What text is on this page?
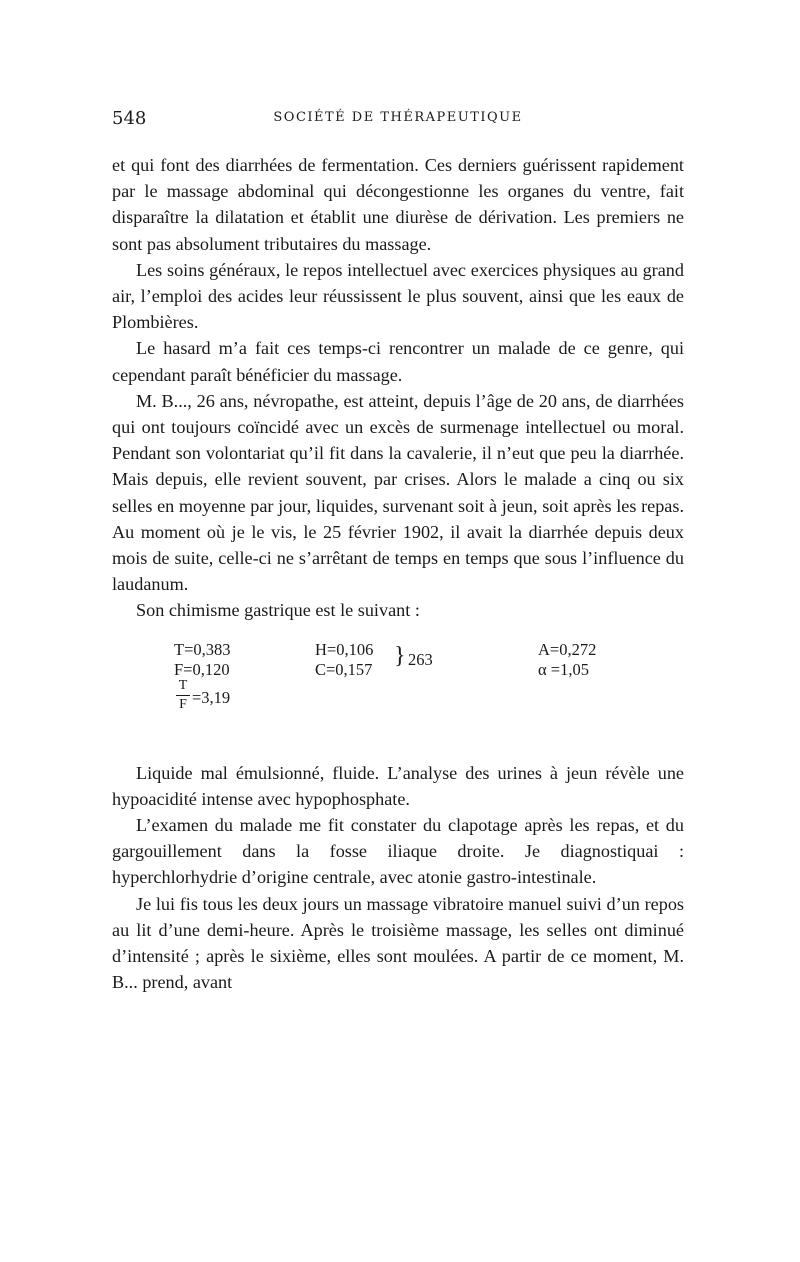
548	SOCIÉTÉ DE THÉRAPEUTIQUE

et qui font des diarrhées de fermentation. Ces derniers guérissent rapidement par le massage abdominal qui décongestionne les organes du ventre, fait disparaître la dilatation et établit une diurèse de dérivation. Les premiers ne sont pas absolument tributaires du massage.

Les soins généraux, le repos intellectuel avec exercices physiques au grand air, l’emploi des acides leur réussissent le plus souvent, ainsi que les eaux de Plombières.

Le hasard m’a fait ces temps-ci rencontrer un malade de ce genre, qui cependant paraît bénéficier du massage.

M. B..., 26 ans, névropathe, est atteint, depuis l’âge de 20 ans, de diarrhées qui ont toujours coïncidé avec un excès de surmenage intellectuel ou moral. Pendant son volontariat qu’il fit dans la cavalerie, il n’eut que peu la diarrhée. Mais depuis, elle revient souvent, par crises. Alors le malade a cinq ou six selles en moyenne par jour, liquides, survenant soit à jeun, soit après les repas. Au moment où je le vis, le 25 février 1902, il avait la diarrhée depuis deux mois de suite, celle-ci ne s’arrêtant de temps en temps que sous l’influence du laudanum.

Son chimisme gastrique est le suivant :

T=0,383
F=0,120
T
F =3,19
H=0,106
C=0,157
} 263
A=0,272
α =1,05

Liquide mal émulsionné, fluide. L’analyse des urines à jeun révèle une hypoacidité intense avec hypophosphate.

L’examen du malade me fit constater du clapotage après les repas, et du gargouillement dans la fosse iliaque droite. Je diagnostiquai : hyperchlorhydrie d’origine centrale, avec atonie gastro-intestinale.

Je lui fis tous les deux jours un massage vibratoire manuel suivi d’un repos au lit d’une demi-heure. Après le troisième massage, les selles ont diminué d’intensité ; après le sixième, elles sont moulées. A partir de ce moment, M. B... prend, avant
